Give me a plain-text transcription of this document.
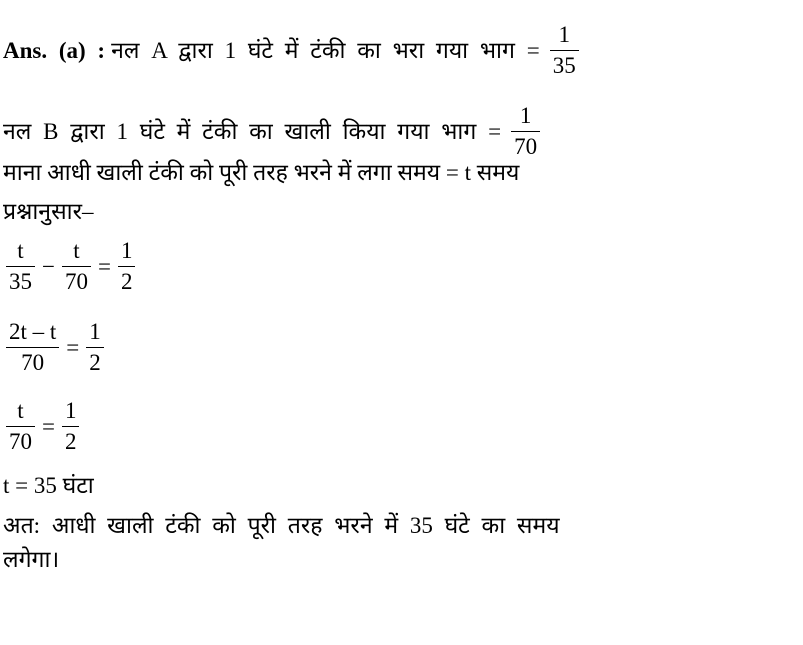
Ans. (a) : नल A द्वारा 1 घंटे में टंकी का भरा गया भाग = $\frac{1}{35}$
नल B द्वारा 1 घंटे में टंकी का खाली किया गया भाग = $\frac{1}{70}$
माना आधी खाली टंकी को पूरी तरह भरने में लगा समय = t समय
प्रश्नानुसार–
$\frac{t}{35} - \frac{t}{70} = \frac{1}{2}$
$\frac{2t - t}{70} = \frac{1}{2}$
$\frac{t}{70} = \frac{1}{2}$
t = 35 घंटा
अत: आधी खाली टंकी को पूरी तरह भरने में 35 घंटे का समय
लगेगा।
